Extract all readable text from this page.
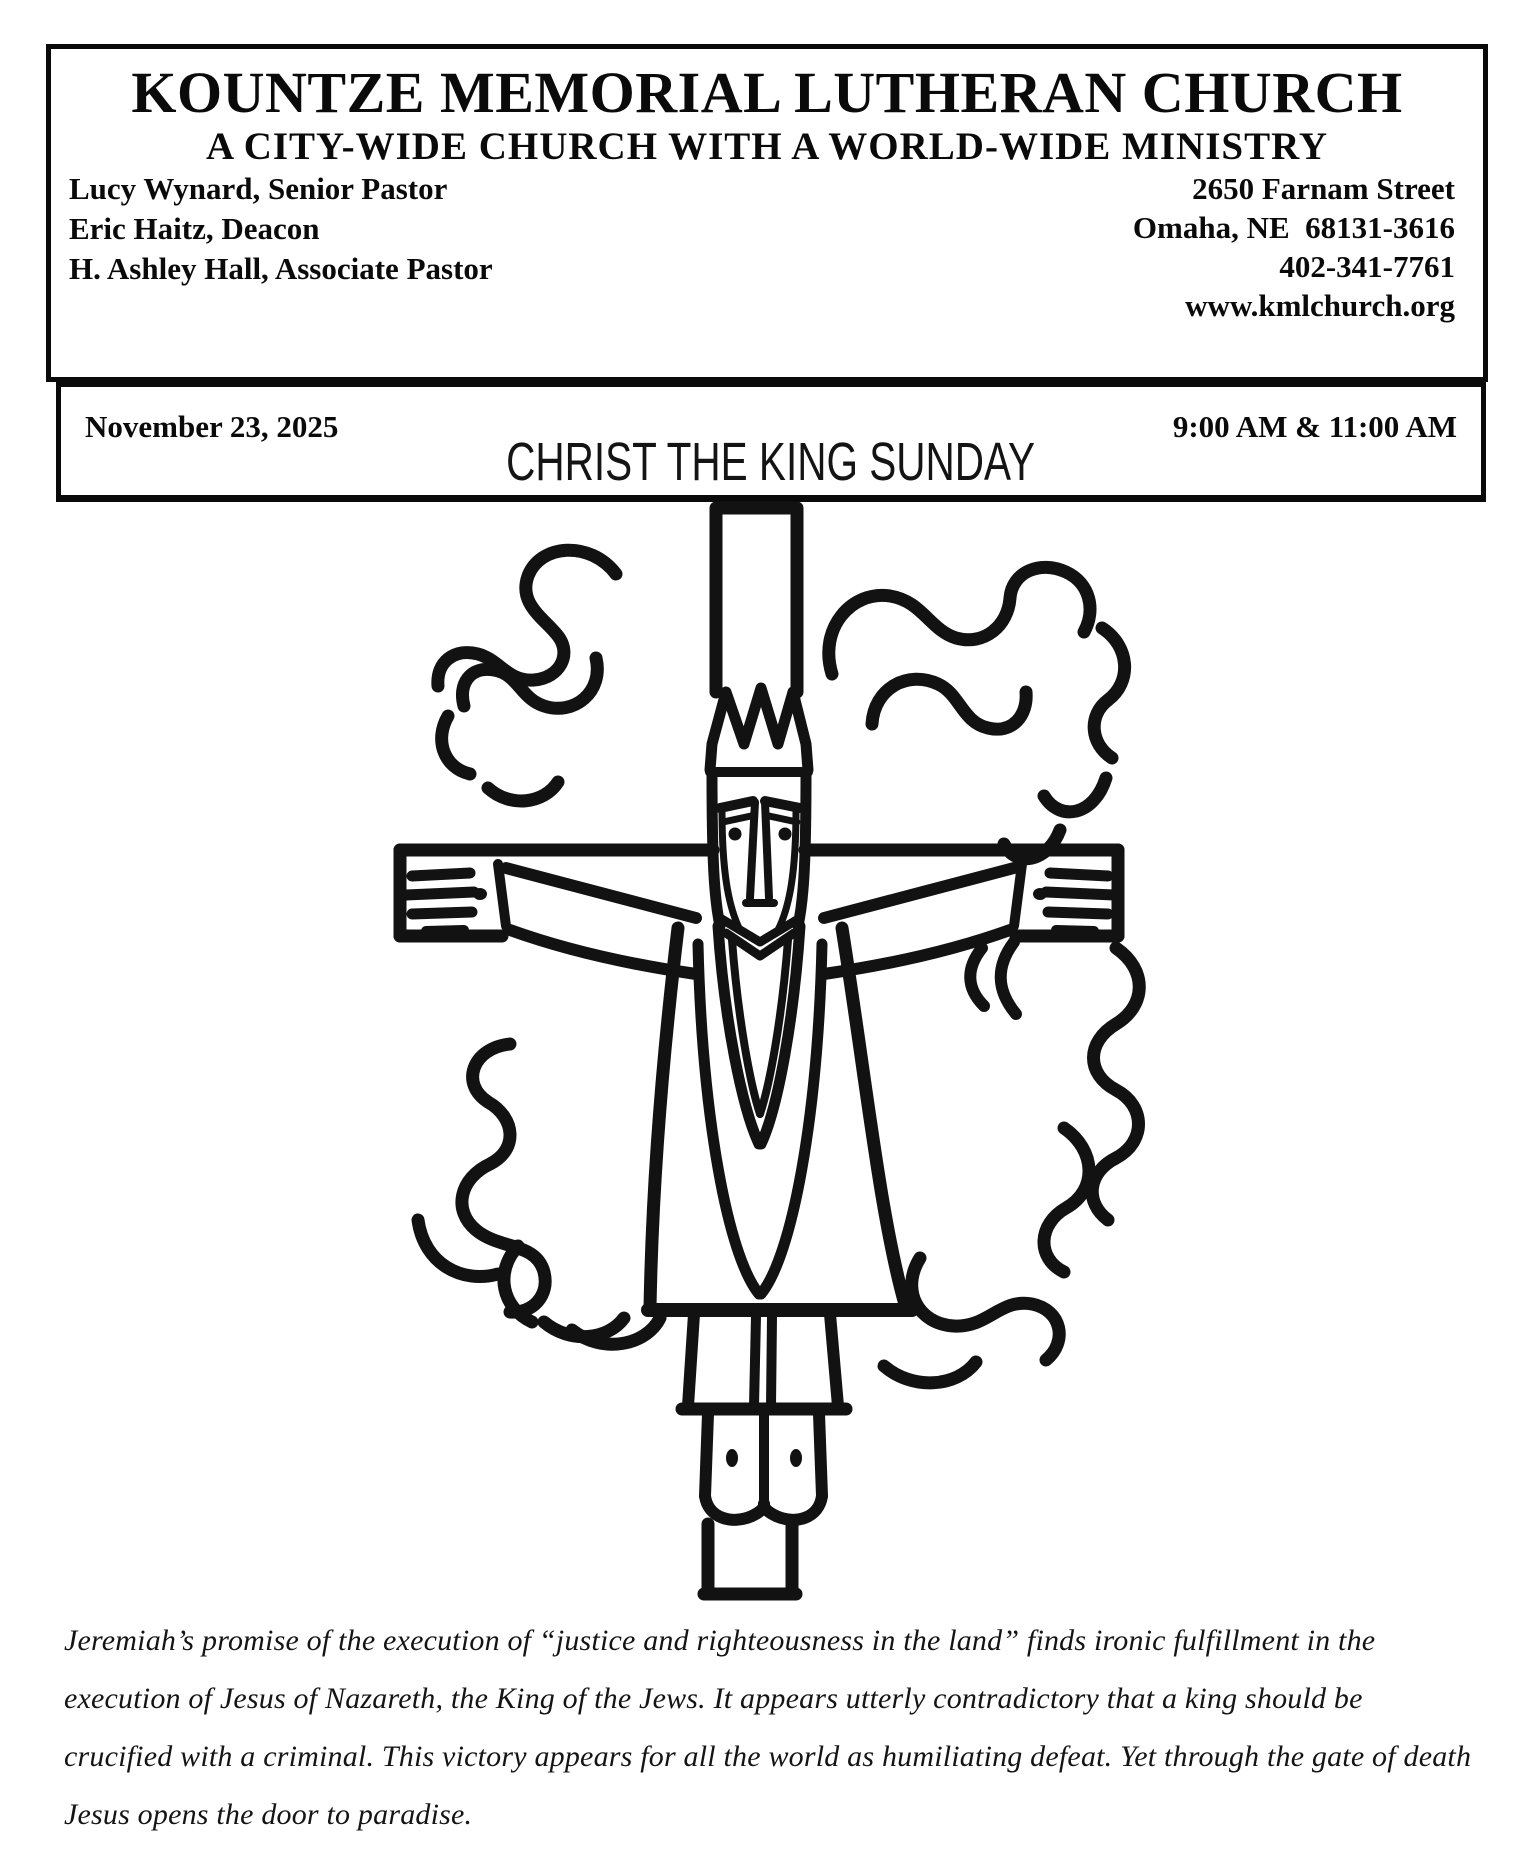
KOUNTZE MEMORIAL LUTHERAN CHURCH
A CITY-WIDE CHURCH WITH A WORLD-WIDE MINISTRY
Lucy Wynard, Senior Pastor
Eric Haitz, Deacon
H. Ashley Hall, Associate Pastor
2650 Farnam Street
Omaha, NE  68131-3616
402-341-7761
www.kmlchurch.org
November 23, 2025	9:00 AM & 11:00 AM
CHRIST THE KING SUNDAY
Jeremiah’s promise of the execution of “justice and righteousness in the land” finds ironic fulfillment in the execution of Jesus of Nazareth, the King of the Jews. It appears utterly contradictory that a king should be crucified with a criminal. This victory appears for all the world as humiliating defeat. Yet through the gate of death Jesus opens the door to paradise.
